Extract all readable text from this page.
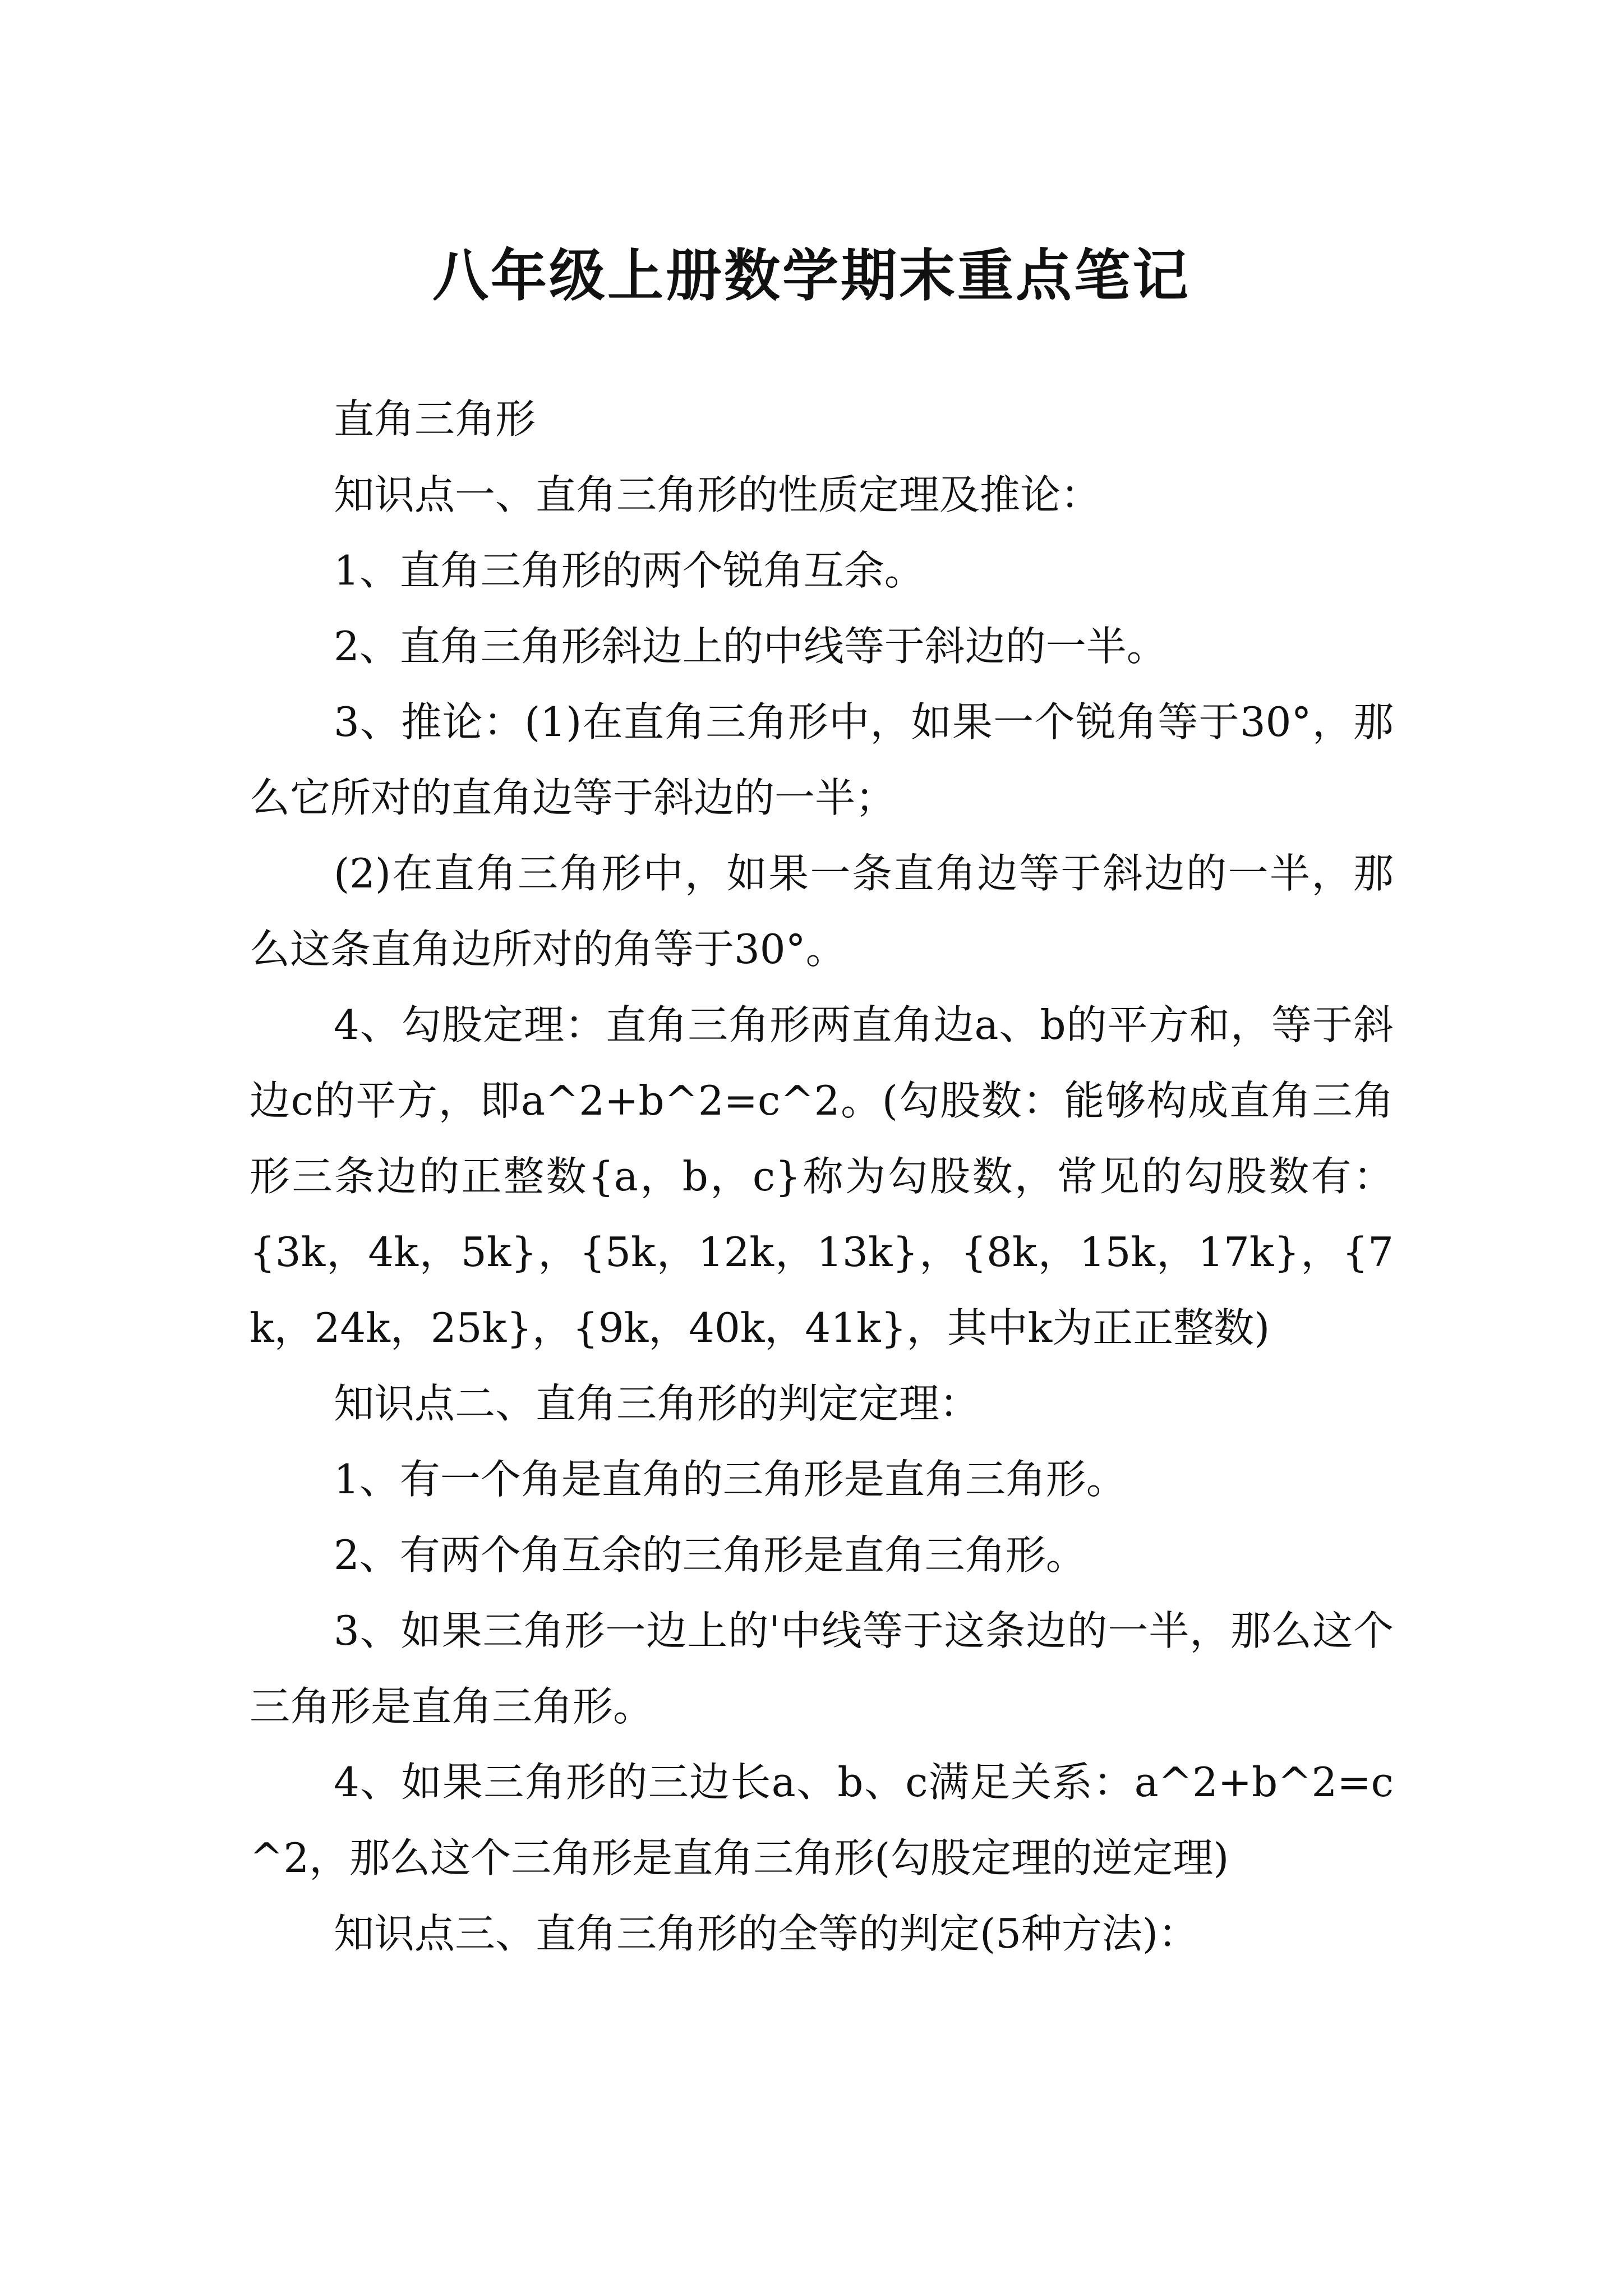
八年级上册数学期末重点笔记

直角三角形

知识点一、直角三角形的性质定理及推论：

1、直角三角形的两个锐角互余。

2、直角三角形斜边上的中线等于斜边的一半。

3、推论：(1)在直角三角形中，如果一个锐角等于30°，那么它所对的直角边等于斜边的一半；

(2)在直角三角形中，如果一条直角边等于斜边的一半，那么这条直角边所对的角等于30°。

4、勾股定理：直角三角形两直角边a、b的平方和，等于斜边c的平方，即a^2+b^2=c^2。(勾股数：能够构成直角三角形三条边的正整数{a，b，c}称为勾股数，常见的勾股数有：{3k，4k，5k}，{5k，12k，13k}，{8k，15k，17k}，{7k，24k，25k}，{9k，40k，41k}，其中k为正正整数)

知识点二、直角三角形的判定定理：

1、有一个角是直角的三角形是直角三角形。

2、有两个角互余的三角形是直角三角形。

3、如果三角形一边上的'中线等于这条边的一半，那么这个三角形是直角三角形。

4、如果三角形的三边长a、b、c满足关系：a^2+b^2=c^2，那么这个三角形是直角三角形(勾股定理的逆定理)

知识点三、直角三角形的全等的判定(5种方法)：
